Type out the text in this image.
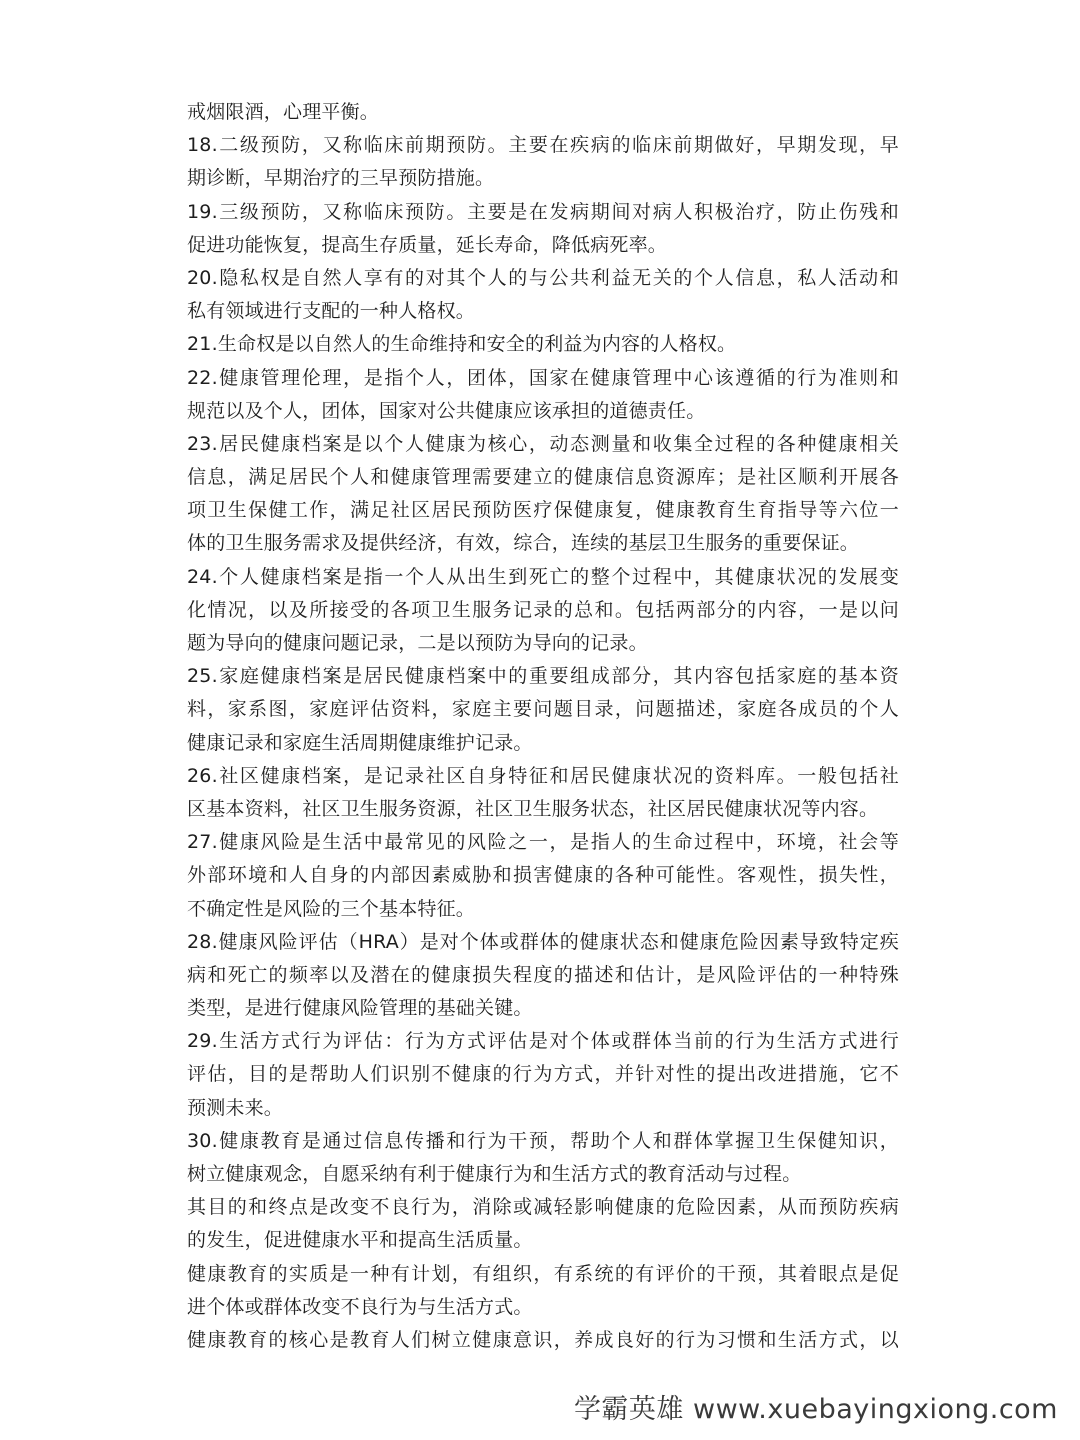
戒烟限酒，心理平衡。
18.二级预防，又称临床前期预防。主要在疾病的临床前期做好，早期发现，早
期诊断，早期治疗的三早预防措施。
19.三级预防，又称临床预防。主要是在发病期间对病人积极治疗，防止伤残和
促进功能恢复，提高生存质量，延长寿命，降低病死率。
20.隐私权是自然人享有的对其个人的与公共利益无关的个人信息，私人活动和
私有领域进行支配的一种人格权。
21.生命权是以自然人的生命维持和安全的利益为内容的人格权。
22.健康管理伦理，是指个人，团体，国家在健康管理中心该遵循的行为准则和
规范以及个人，团体，国家对公共健康应该承担的道德责任。
23.居民健康档案是以个人健康为核心，动态测量和收集全过程的各种健康相关
信息，满足居民个人和健康管理需要建立的健康信息资源库；是社区顺利开展各
项卫生保健工作，满足社区居民预防医疗保健康复，健康教育生育指导等六位一
体的卫生服务需求及提供经济，有效，综合，连续的基层卫生服务的重要保证。
24.个人健康档案是指一个人从出生到死亡的整个过程中，其健康状况的发展变
化情况，以及所接受的各项卫生服务记录的总和。包括两部分的内容，一是以问
题为导向的健康问题记录，二是以预防为导向的记录。
25.家庭健康档案是居民健康档案中的重要组成部分，其内容包括家庭的基本资
料，家系图，家庭评估资料，家庭主要问题目录，问题描述，家庭各成员的个人
健康记录和家庭生活周期健康维护记录。
26.社区健康档案，是记录社区自身特征和居民健康状况的资料库。一般包括社
区基本资料，社区卫生服务资源，社区卫生服务状态，社区居民健康状况等内容。
27.健康风险是生活中最常见的风险之一，是指人的生命过程中，环境，社会等
外部环境和人自身的内部因素威胁和损害健康的各种可能性。客观性，损失性，
不确定性是风险的三个基本特征。
28.健康风险评估（HRA）是对个体或群体的健康状态和健康危险因素导致特定疾
病和死亡的频率以及潜在的健康损失程度的描述和估计，是风险评估的一种特殊
类型，是进行健康风险管理的基础关键。
29.生活方式行为评估：行为方式评估是对个体或群体当前的行为生活方式进行
评估，目的是帮助人们识别不健康的行为方式，并针对性的提出改进措施，它不
预测未来。
30.健康教育是通过信息传播和行为干预，帮助个人和群体掌握卫生保健知识，
树立健康观念，自愿采纳有利于健康行为和生活方式的教育活动与过程。
其目的和终点是改变不良行为，消除或减轻影响健康的危险因素，从而预防疾病
的发生，促进健康水平和提高生活质量。
健康教育的实质是一种有计划，有组织，有系统的有评价的干预，其着眼点是促
进个体或群体改变不良行为与生活方式。
健康教育的核心是教育人们树立健康意识，养成良好的行为习惯和生活方式，以
学霸英雄 www.xuebayingxiong.com
